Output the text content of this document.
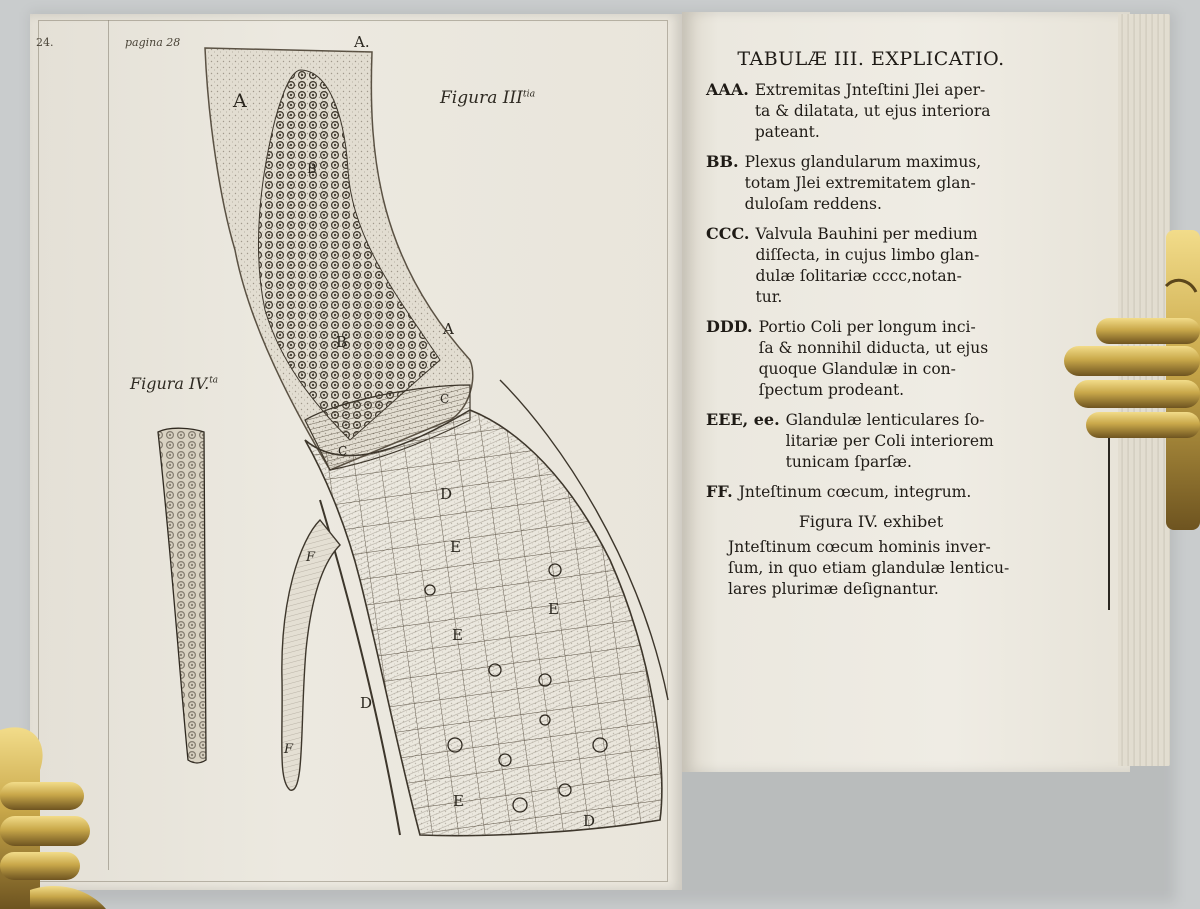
24.	pagina 28
Figura $III^{tia}$
Figura IV.$^{ta}$
A.
A
A
B
B
C
C
D
D
D
E
E
E
E
F
F
TABULÆ III. EXPLICATIO.
AAA. Extremitas Jnteſtini Jlei aper-
ta & dilatata, ut ejus interiora
pateant.
BB. Plexus glandularum maximus,
totam Jlei extremitatem glan-
duloſam reddens.
CCC. Valvula Bauhini per medium
diſſecta, in cujus limbo glan-
dulæ ſolitariæ cccc,notan-
tur.
DDD. Portio Coli per longum inci-
ſa & nonnihil diducta, ut ejus
quoque Glandulæ in con-
ſpectum prodeant.
EEE, ee. Glandulæ lenticulares ſo-
litariæ per Coli interiorem
tunicam ſparſæ.
FF. Jnteſtinum cœcum, integrum.
Figura IV. exhibet
Jnteſtinum cœcum hominis inver-
ſum, in quo etiam glandulæ lenticu-
lares plurimæ deſignantur.
